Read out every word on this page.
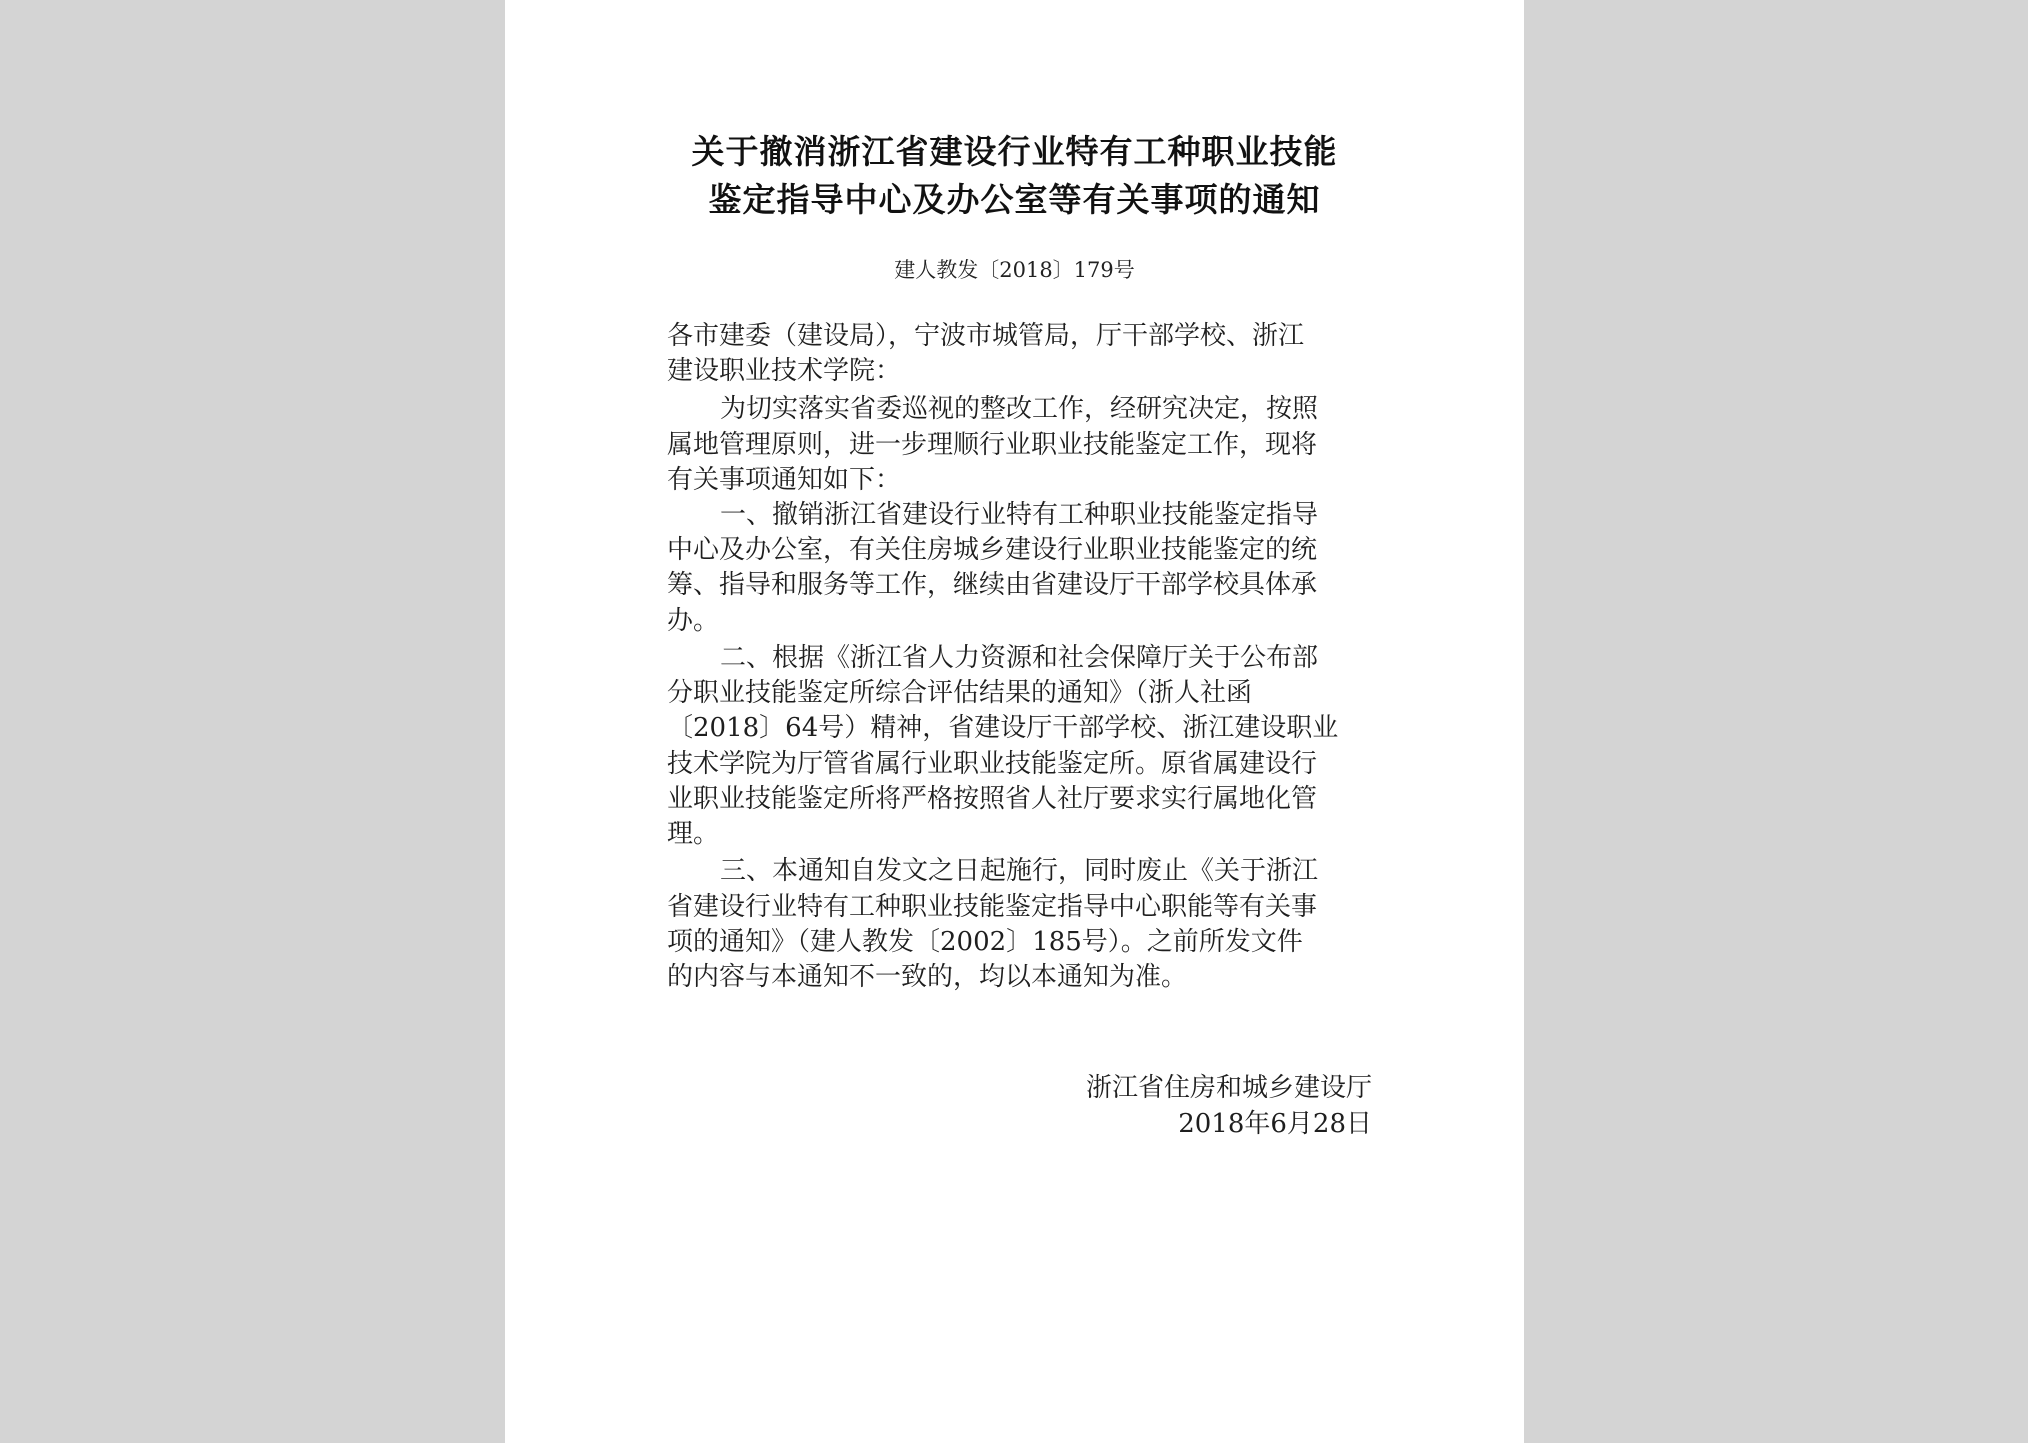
关于撤消浙江省建设行业特有工种职业技能
鉴定指导中心及办公室等有关事项的通知
建人教发〔2018〕179号
各市建委（建设局），宁波市城管局，厅干部学校、浙江
建设职业技术学院：
为切实落实省委巡视的整改工作，经研究决定，按照
属地管理原则，进一步理顺行业职业技能鉴定工作，现将
有关事项通知如下：
一、撤销浙江省建设行业特有工种职业技能鉴定指导
中心及办公室，有关住房城乡建设行业职业技能鉴定的统
筹、指导和服务等工作，继续由省建设厅干部学校具体承
办。
二、根据《浙江省人力资源和社会保障厅关于公布部
分职业技能鉴定所综合评估结果的通知》（浙人社函
〔2018〕64号）精神，省建设厅干部学校、浙江建设职业
技术学院为厅管省属行业职业技能鉴定所。原省属建设行
业职业技能鉴定所将严格按照省人社厅要求实行属地化管
理。
三、本通知自发文之日起施行，同时废止《关于浙江
省建设行业特有工种职业技能鉴定指导中心职能等有关事
项的通知》（建人教发〔2002〕185号）。之前所发文件
的内容与本通知不一致的，均以本通知为准。
浙江省住房和城乡建设厅
2018年6月28日
